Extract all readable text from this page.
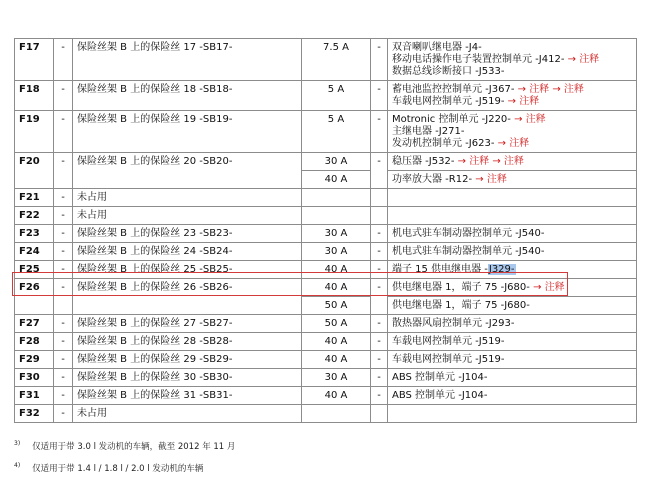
F17	-	保险丝架 B 上的保险丝 17 -SB17-	7.5 A	-	双音喇叭继电器 -J4-
移动电话操作电子装置控制单元 -J412- → 注释
数据总线诊断接口 -J533-

F18	-	保险丝架 B 上的保险丝 18 -SB18-	5 A	-	蓄电池监控控制单元 -J367- → 注释 → 注释
车载电网控制单元 -J519- → 注释

F19	-	保险丝架 B 上的保险丝 19 -SB19-	5 A	-	Motronic 控制单元 -J220- → 注释
主继电器 -J271-
发动机控制单元 -J623- → 注释

F20	-	保险丝架 B 上的保险丝 20 -SB20-	30 A	-	稳压器 -J532- → 注释 → 注释

			40 A		功率放大器 -R12- → 注释

F21	-	未占用			
F22	-	未占用			
F23	-	保险丝架 B 上的保险丝 23 -SB23-	30 A	-	机电式驻车制动器控制单元 -J540-

F24	-	保险丝架 B 上的保险丝 24 -SB24-	30 A	-	机电式驻车制动器控制单元 -J540-

F25	-	保险丝架 B 上的保险丝 25 -SB25-	40 A	-	端子 15 供电继电器 -J329-

F26	-	保险丝架 B 上的保险丝 26 -SB26-	40 A	-	供电继电器 1，端子 75 -J680- → 注释

			50 A		供电继电器 1，端子 75 -J680-

F27	-	保险丝架 B 上的保险丝 27 -SB27-	50 A	-	散热器风扇控制单元 -J293-

F28	-	保险丝架 B 上的保险丝 28 -SB28-	40 A	-	车载电网控制单元 -J519-

F29	-	保险丝架 B 上的保险丝 29 -SB29-	40 A	-	车载电网控制单元 -J519-

F30	-	保险丝架 B 上的保险丝 30 -SB30-	30 A	-	ABS 控制单元 -J104-

F31	-	保险丝架 B 上的保险丝 31 -SB31-	40 A	-	ABS 控制单元 -J104-

F32	-	未占用			
$^{3)}$ 仅适用于带 3.0 l 发动机的车辆，截至 2012 年 11 月
$^{4)}$ 仅适用于带 1.4 l / 1.8 l / 2.0 l 发动机的车辆
